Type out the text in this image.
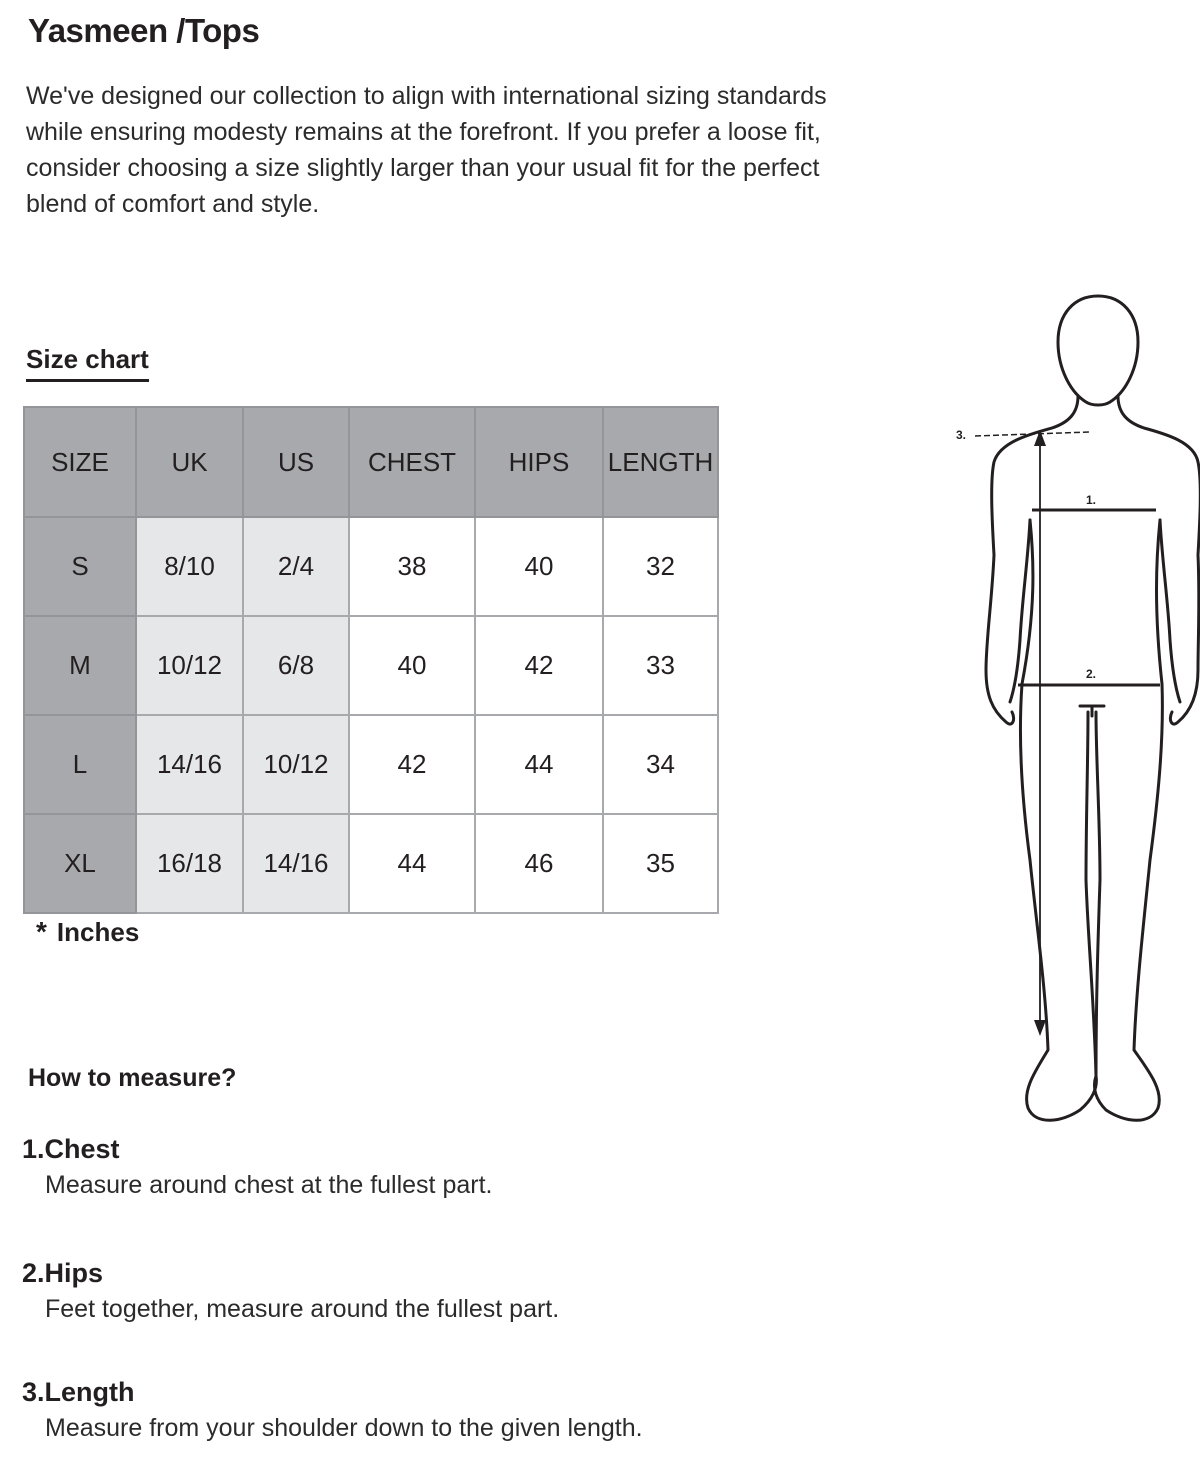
Yasmeen /Tops

We've designed our collection to align with international sizing standards

while ensuring modesty remains at the forefront. If you prefer a loose fit,

consider choosing a size slightly larger than your usual fit for the perfect

blend of comfort and style.

Size chart
SIZE	UK	US	CHEST	HIPS	LENGTH
S	8/10	2/4	38	40	32
M	10/12	6/8	40	42	33
L	14/16	10/12	42	44	34
XL	16/18	14/16	44	46	35
* Inches
How to measure?
1.Chest
Measure around chest at the fullest part.
2.Hips
Feet together, measure around the fullest part.
3.Length
Measure from your shoulder down to the given length.
1.
2.
3.
